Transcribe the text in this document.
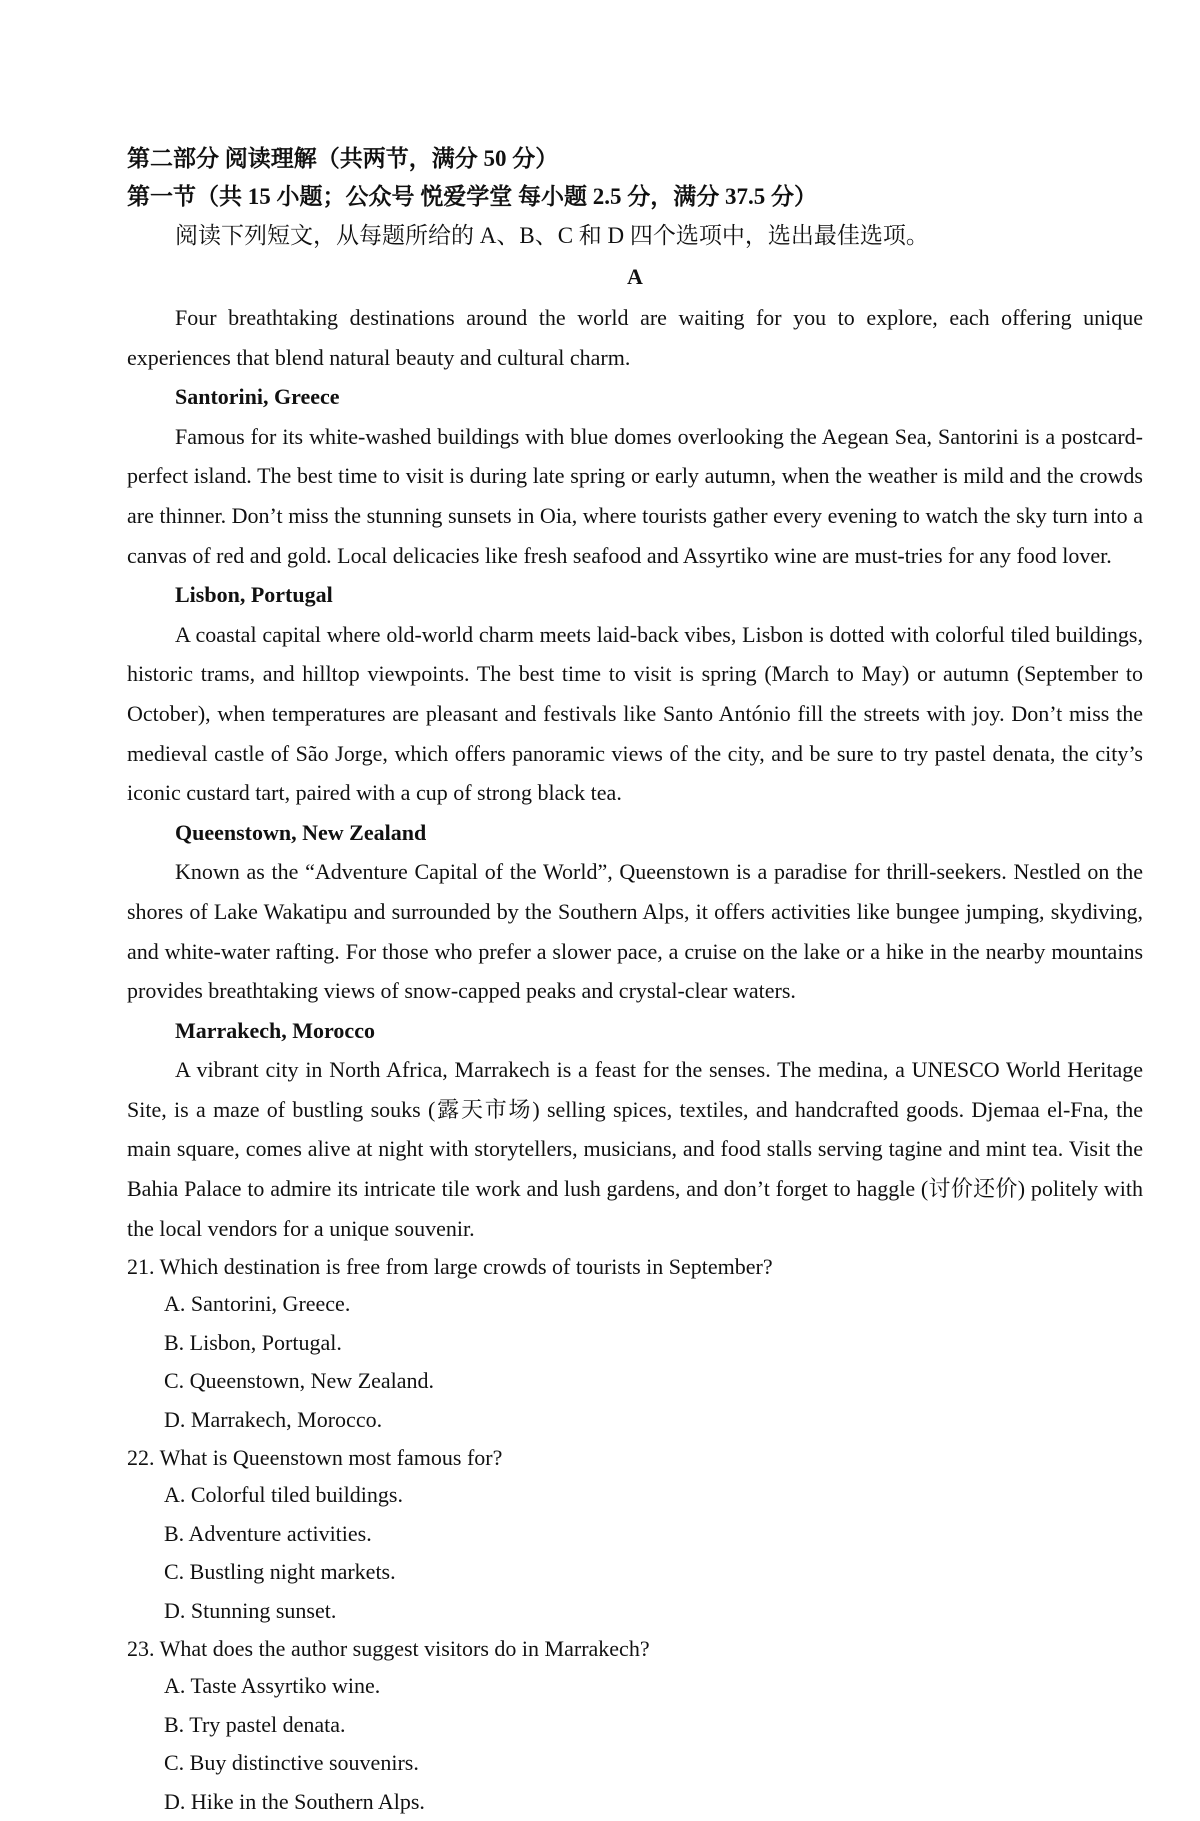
第二部分 阅读理解（共两节，满分 50 分）

第一节（共 15 小题；公众号 悦爱学堂 每小题 2.5 分，满分 37.5 分）

阅读下列短文，从每题所给的 A、B、C 和 D 四个选项中，选出最佳选项。

A

Four breathtaking destinations around the world are waiting for you to explore, each offering unique experiences that blend natural beauty and cultural charm.

Santorini, Greece

Famous for its white-washed buildings with blue domes overlooking the Aegean Sea, Santorini is a postcard-perfect island. The best time to visit is during late spring or early autumn, when the weather is mild and the crowds are thinner. Don’t miss the stunning sunsets in Oia, where tourists gather every evening to watch the sky turn into a canvas of red and gold. Local delicacies like fresh seafood and Assyrtiko wine are must-tries for any food lover.

Lisbon, Portugal

A coastal capital where old-world charm meets laid-back vibes, Lisbon is dotted with colorful tiled buildings, historic trams, and hilltop viewpoints. The best time to visit is spring (March to May) or autumn (September to October), when temperatures are pleasant and festivals like Santo António fill the streets with joy. Don’t miss the medieval castle of São Jorge, which offers panoramic views of the city, and be sure to try pastel denata, the city’s iconic custard tart, paired with a cup of strong black tea.

Queenstown, New Zealand

Known as the “Adventure Capital of the World”, Queenstown is a paradise for thrill-seekers. Nestled on the shores of Lake Wakatipu and surrounded by the Southern Alps, it offers activities like bungee jumping, skydiving, and white-water rafting. For those who prefer a slower pace, a cruise on the lake or a hike in the nearby mountains provides breathtaking views of snow-capped peaks and crystal-clear waters.

Marrakech, Morocco

A vibrant city in North Africa, Marrakech is a feast for the senses. The medina, a UNESCO World Heritage Site, is a maze of bustling souks (露天市场) selling spices, textiles, and handcrafted goods. Djemaa el-Fna, the main square, comes alive at night with storytellers, musicians, and food stalls serving tagine and mint tea. Visit the Bahia Palace to admire its intricate tile work and lush gardens, and don’t forget to haggle (讨价还价) politely with the local vendors for a unique souvenir.

21. Which destination is free from large crowds of tourists in September?

A. Santorini, Greece.
B. Lisbon, Portugal.
C. Queenstown, New Zealand.
D. Marrakech, Morocco.

22. What is Queenstown most famous for?

A. Colorful tiled buildings.
B. Adventure activities.
C. Bustling night markets.
D. Stunning sunset.

23. What does the author suggest visitors do in Marrakech?

A. Taste Assyrtiko wine.
B. Try pastel denata.
C. Buy distinctive souvenirs.
D. Hike in the Southern Alps.
